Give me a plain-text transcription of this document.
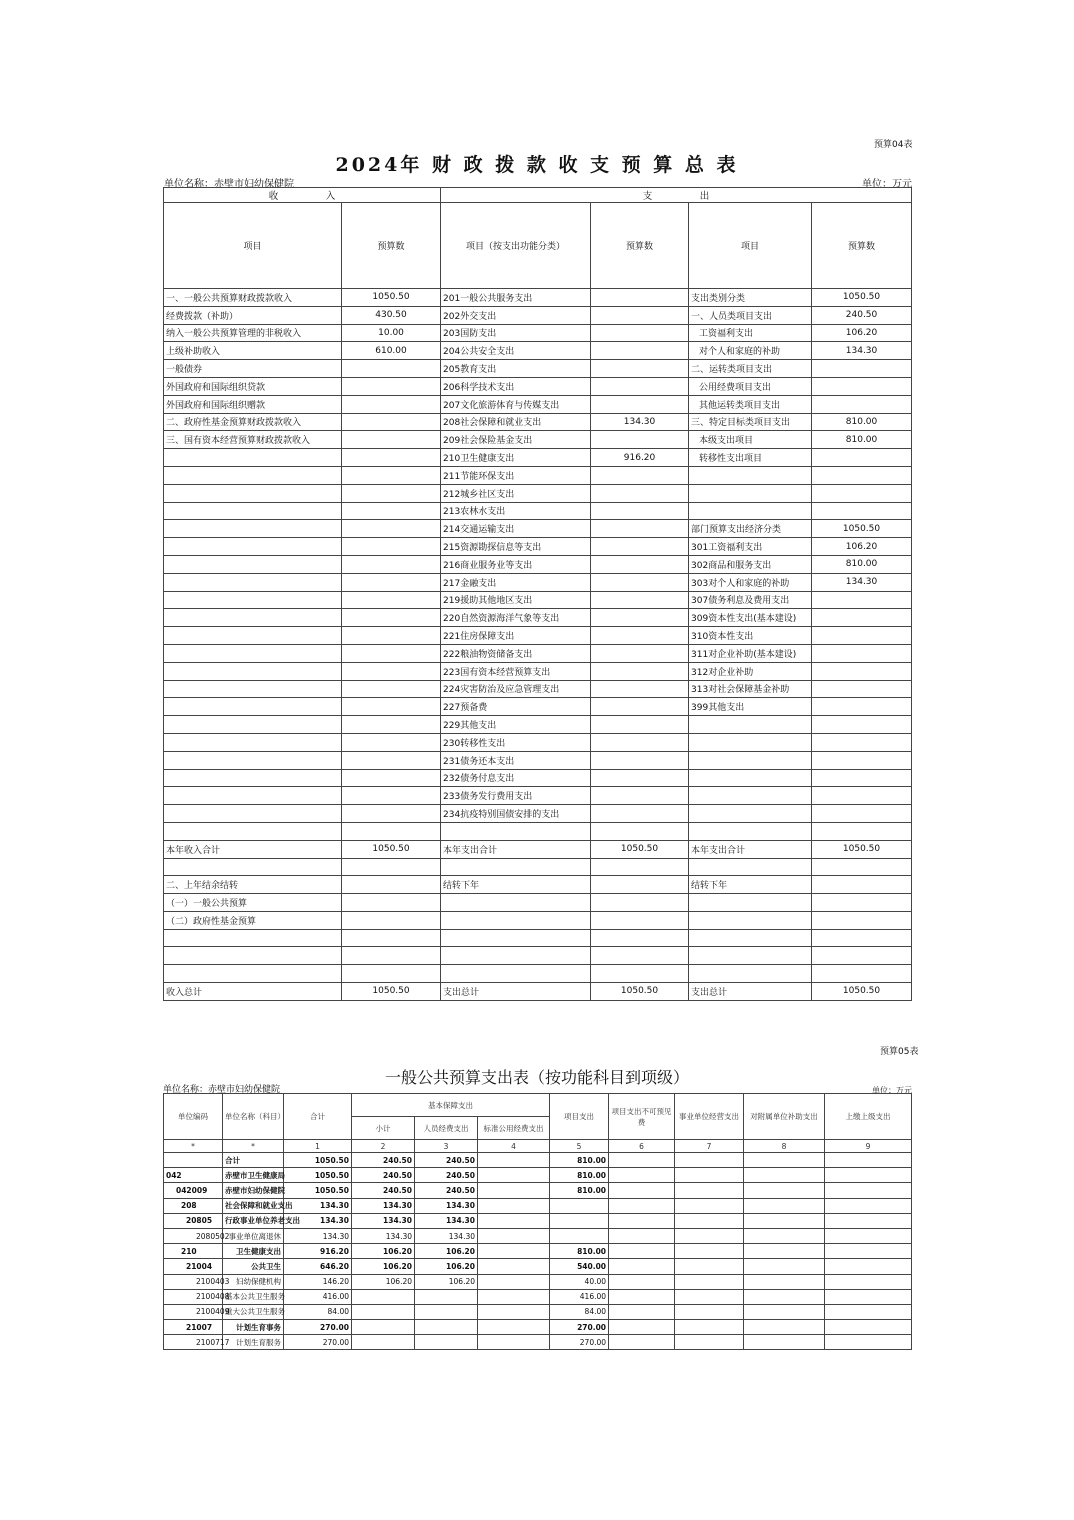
预算04表
2024年 财 政 拨 款 收 支 预 算 总 表
单位名称：赤壁市妇幼保健院	单位：万元
收　　　　　入		支　　　　　出			
项目	预算数	项目（按支出功能分类）	预算数	项目	预算数
一、一般公共预算财政拨款收入	1050.50	201一般公共服务支出		支出类别分类	1050.50
经费拨款（补助）	430.50	202外交支出		一、人员类项目支出	240.50
纳入一般公共预算管理的非税收入	10.00	203国防支出		工资福利支出	106.20
上级补助收入	610.00	204公共安全支出		对个人和家庭的补助	134.30
一般债券		205教育支出		二、运转类项目支出	
外国政府和国际组织贷款		206科学技术支出		公用经费项目支出	
外国政府和国际组织赠款		207文化旅游体育与传媒支出		其他运转类项目支出	
二、政府性基金预算财政拨款收入		208社会保障和就业支出	134.30	三、特定目标类项目支出	810.00
三、国有资本经营预算财政拨款收入		209社会保险基金支出		本级支出项目	810.00
		210卫生健康支出	916.20	转移性支出项目	
		211节能环保支出			
		212城乡社区支出			
		213农林水支出			
		214交通运输支出		部门预算支出经济分类	1050.50
		215资源勘探信息等支出		301工资福利支出	106.20
		216商业服务业等支出		302商品和服务支出	810.00
		217金融支出		303对个人和家庭的补助	134.30
		219援助其他地区支出		307债务利息及费用支出	
		220自然资源海洋气象等支出		309资本性支出(基本建设)	
		221住房保障支出		310资本性支出	
		222粮油物资储备支出		311对企业补助(基本建设)	
		223国有资本经营预算支出		312对企业补助	
		224灾害防治及应急管理支出		313对社会保障基金补助	
		227预备费		399其他支出	
		229其他支出			
		230转移性支出			
		231债务还本支出			
		232债务付息支出			
		233债务发行费用支出			
		234抗疫特别国债安排的支出			

本年收入合计	1050.50	本年支出合计	1050.50	本年支出合计	1050.50

二、上年结余结转		结转下年		结转下年	
（一）一般公共预算					
（二）政府性基金预算					

收入总计	1050.50	支出总计	1050.50	支出总计	1050.50
预算05表
一般公共预算支出表（按功能科目到项级）
单位名称：赤壁市妇幼保健院	单位：万元
单位编码	单位名称（科目）	合计	基本保障支出			项目支出	项目支出不可预见费	事业单位经营支出	对附属单位补助支出	上缴上级支出
			小计	人员经费支出	标准公用经费支出					
*	*	1	2	3	4	5	6	7	8	9
	合计	1050.50	240.50	240.50		810.00				
042	赤壁市卫生健康局	1050.50	240.50	240.50		810.00				
042009	赤壁市妇幼保健院	1050.50	240.50	240.50		810.00				
208	社会保障和就业支出	134.30	134.30	134.30						
20805	行政事业单位养老支出	134.30	134.30	134.30						
2080502	事业单位离退休	134.30	134.30	134.30						
210	卫生健康支出	916.20	106.20	106.20		810.00				
21004	公共卫生	646.20	106.20	106.20		540.00				
2100403	妇幼保健机构	146.20	106.20	106.20		40.00				
2100408	基本公共卫生服务	416.00				416.00				
2100409	重大公共卫生服务	84.00				84.00				
21007	计划生育事务	270.00				270.00				
2100717	计划生育服务	270.00				270.00				
